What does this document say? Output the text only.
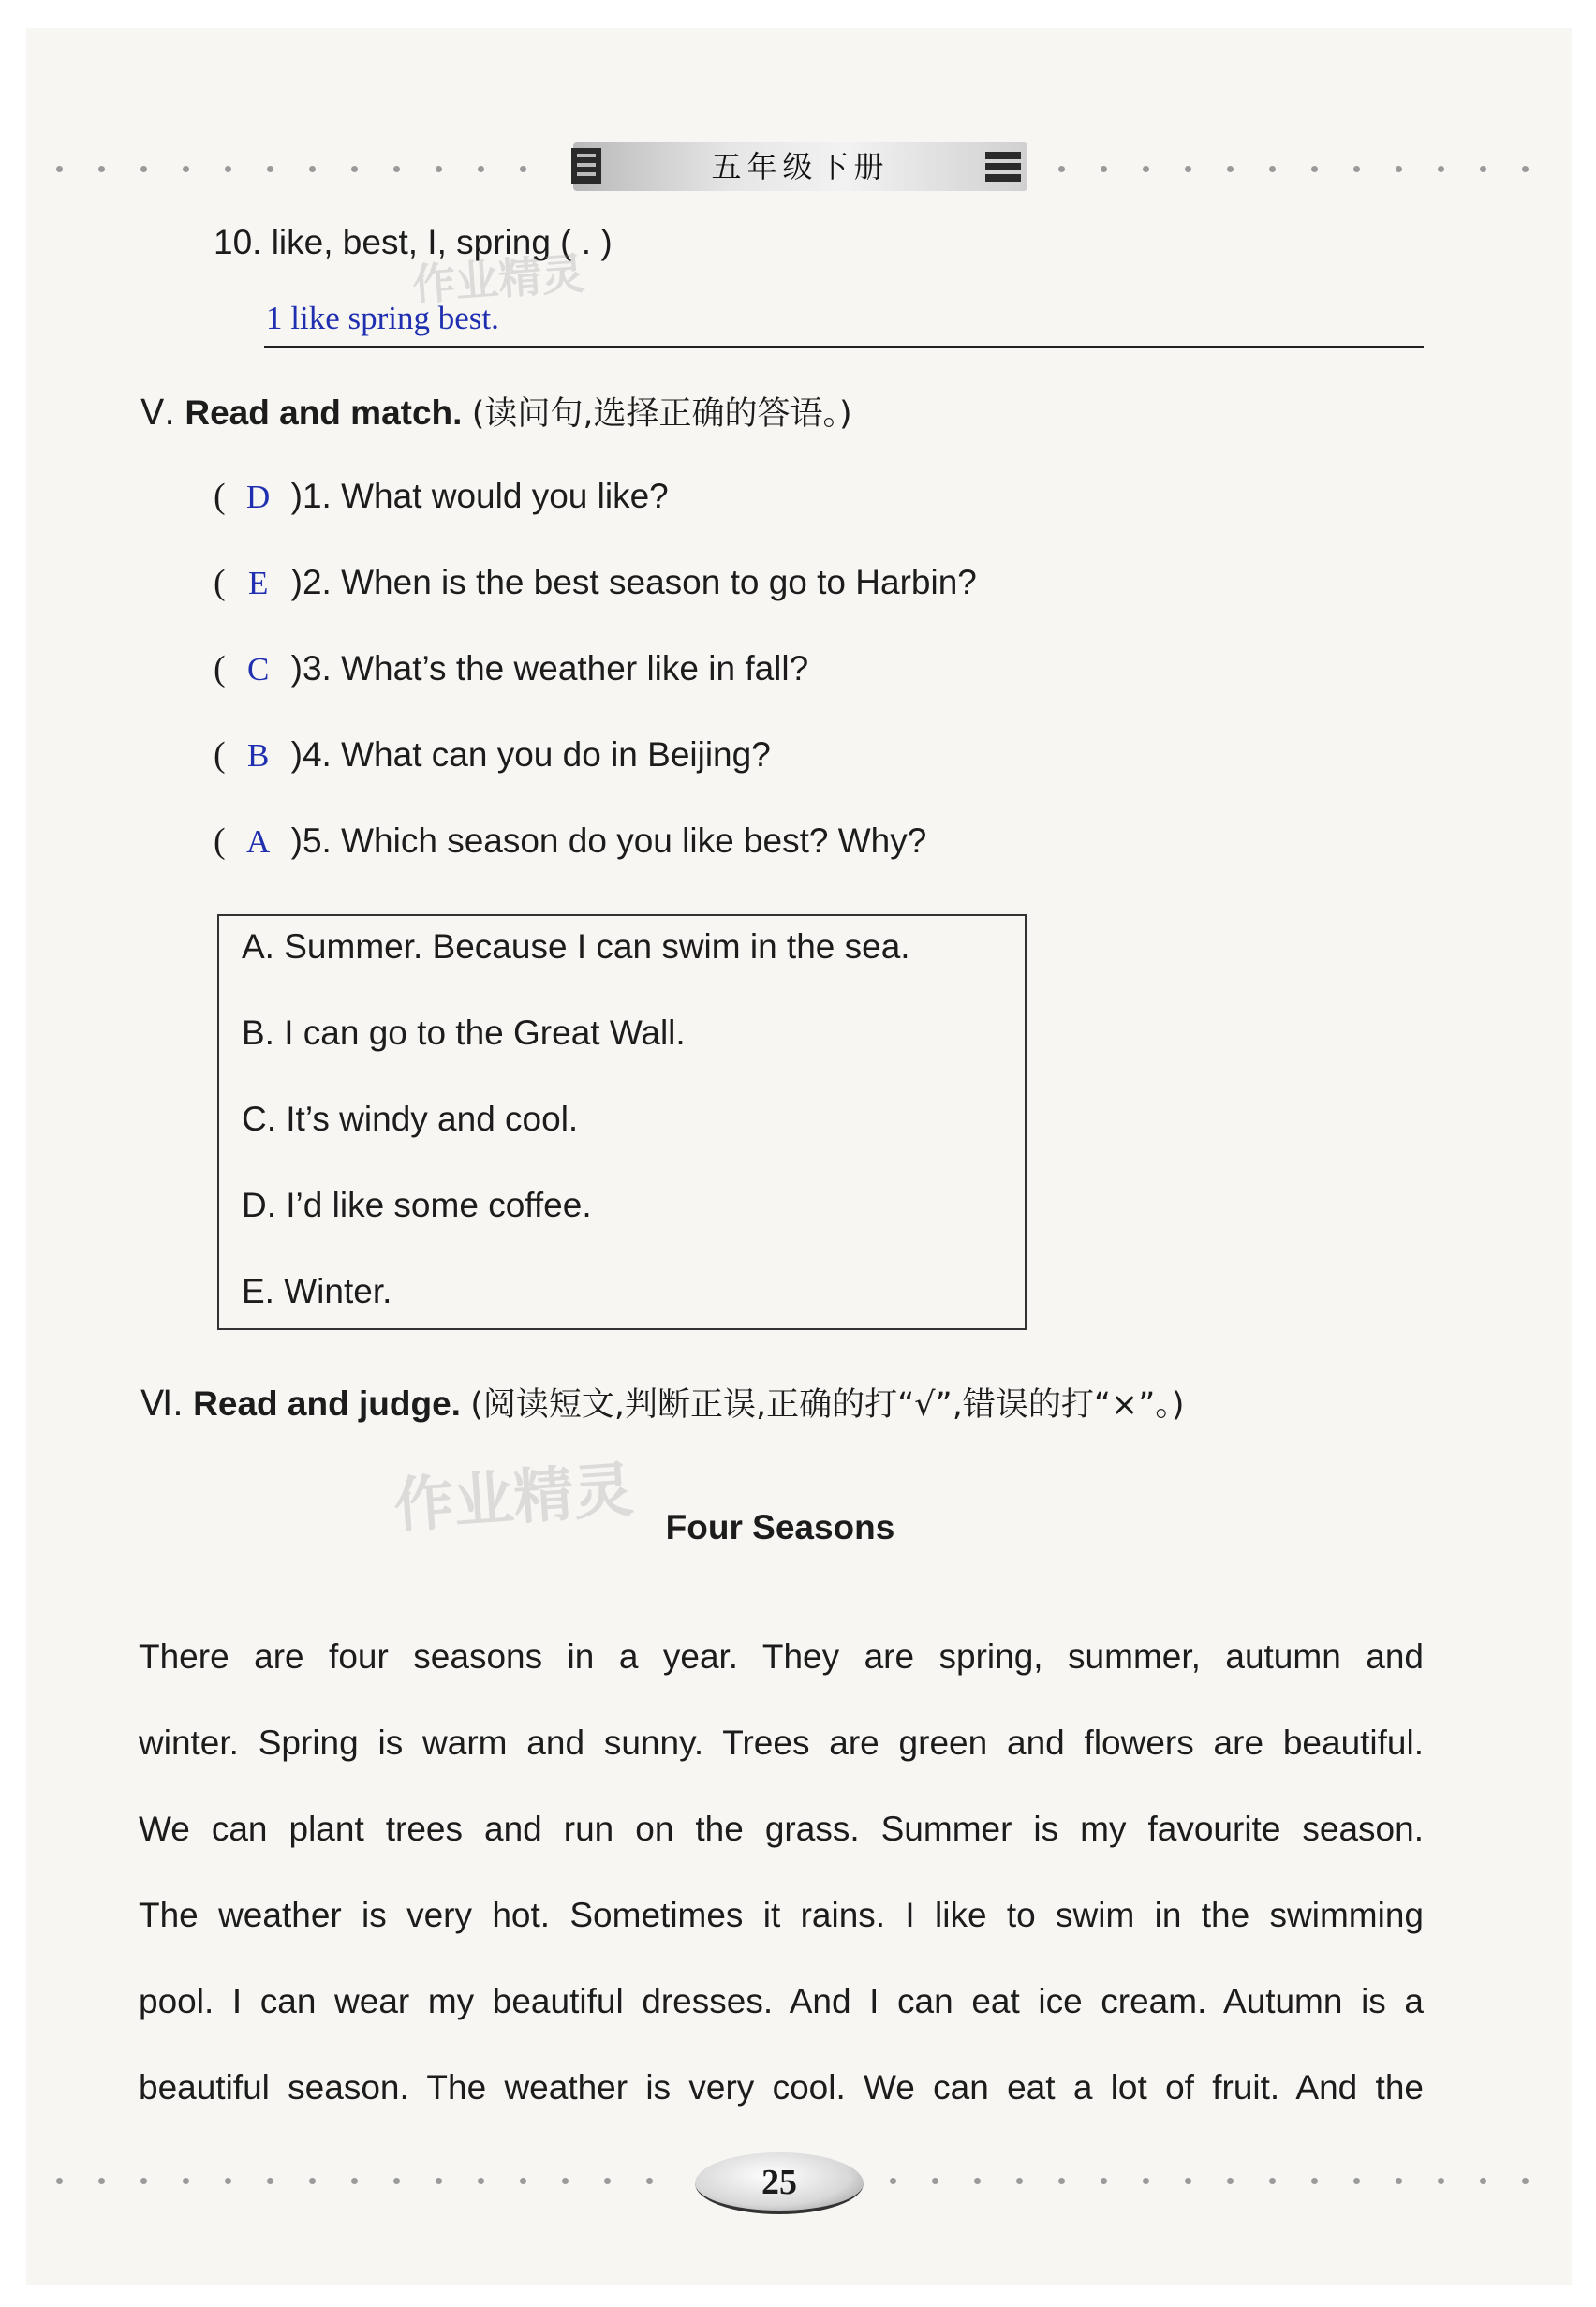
五年级下册
10. like, best, I, spring ( . )
1 like spring best.
Ⅴ. Read and match. (读问句,选择正确的答语。)
( D )1. What would you like?
( E )2. When is the best season to go to Harbin?
( C )3. What’s the weather like in fall?
( B )4. What can you do in Beijing?
( A )5. Which season do you like best? Why?
A. Summer. Because I can swim in the sea.
B. I can go to the Great Wall.
C. It’s windy and cool.
D. I’d like some coffee.
E. Winter.
Ⅵ. Read and judge. (阅读短文,判断正误,正确的打“√”,错误的打“×”。)
作业精灵
作业精灵
Four Seasons
There are four seasons in a year. They are spring, summer, autumn and
winter. Spring is warm and sunny. Trees are green and flowers are beautiful.
We can plant trees and run on the grass. Summer is my favourite season.
The weather is very hot. Sometimes it rains. I like to swim in the swimming
pool. I can wear my beautiful dresses. And I can eat ice cream. Autumn is a
beautiful season. The weather is very cool. We can eat a lot of fruit. And the
25
